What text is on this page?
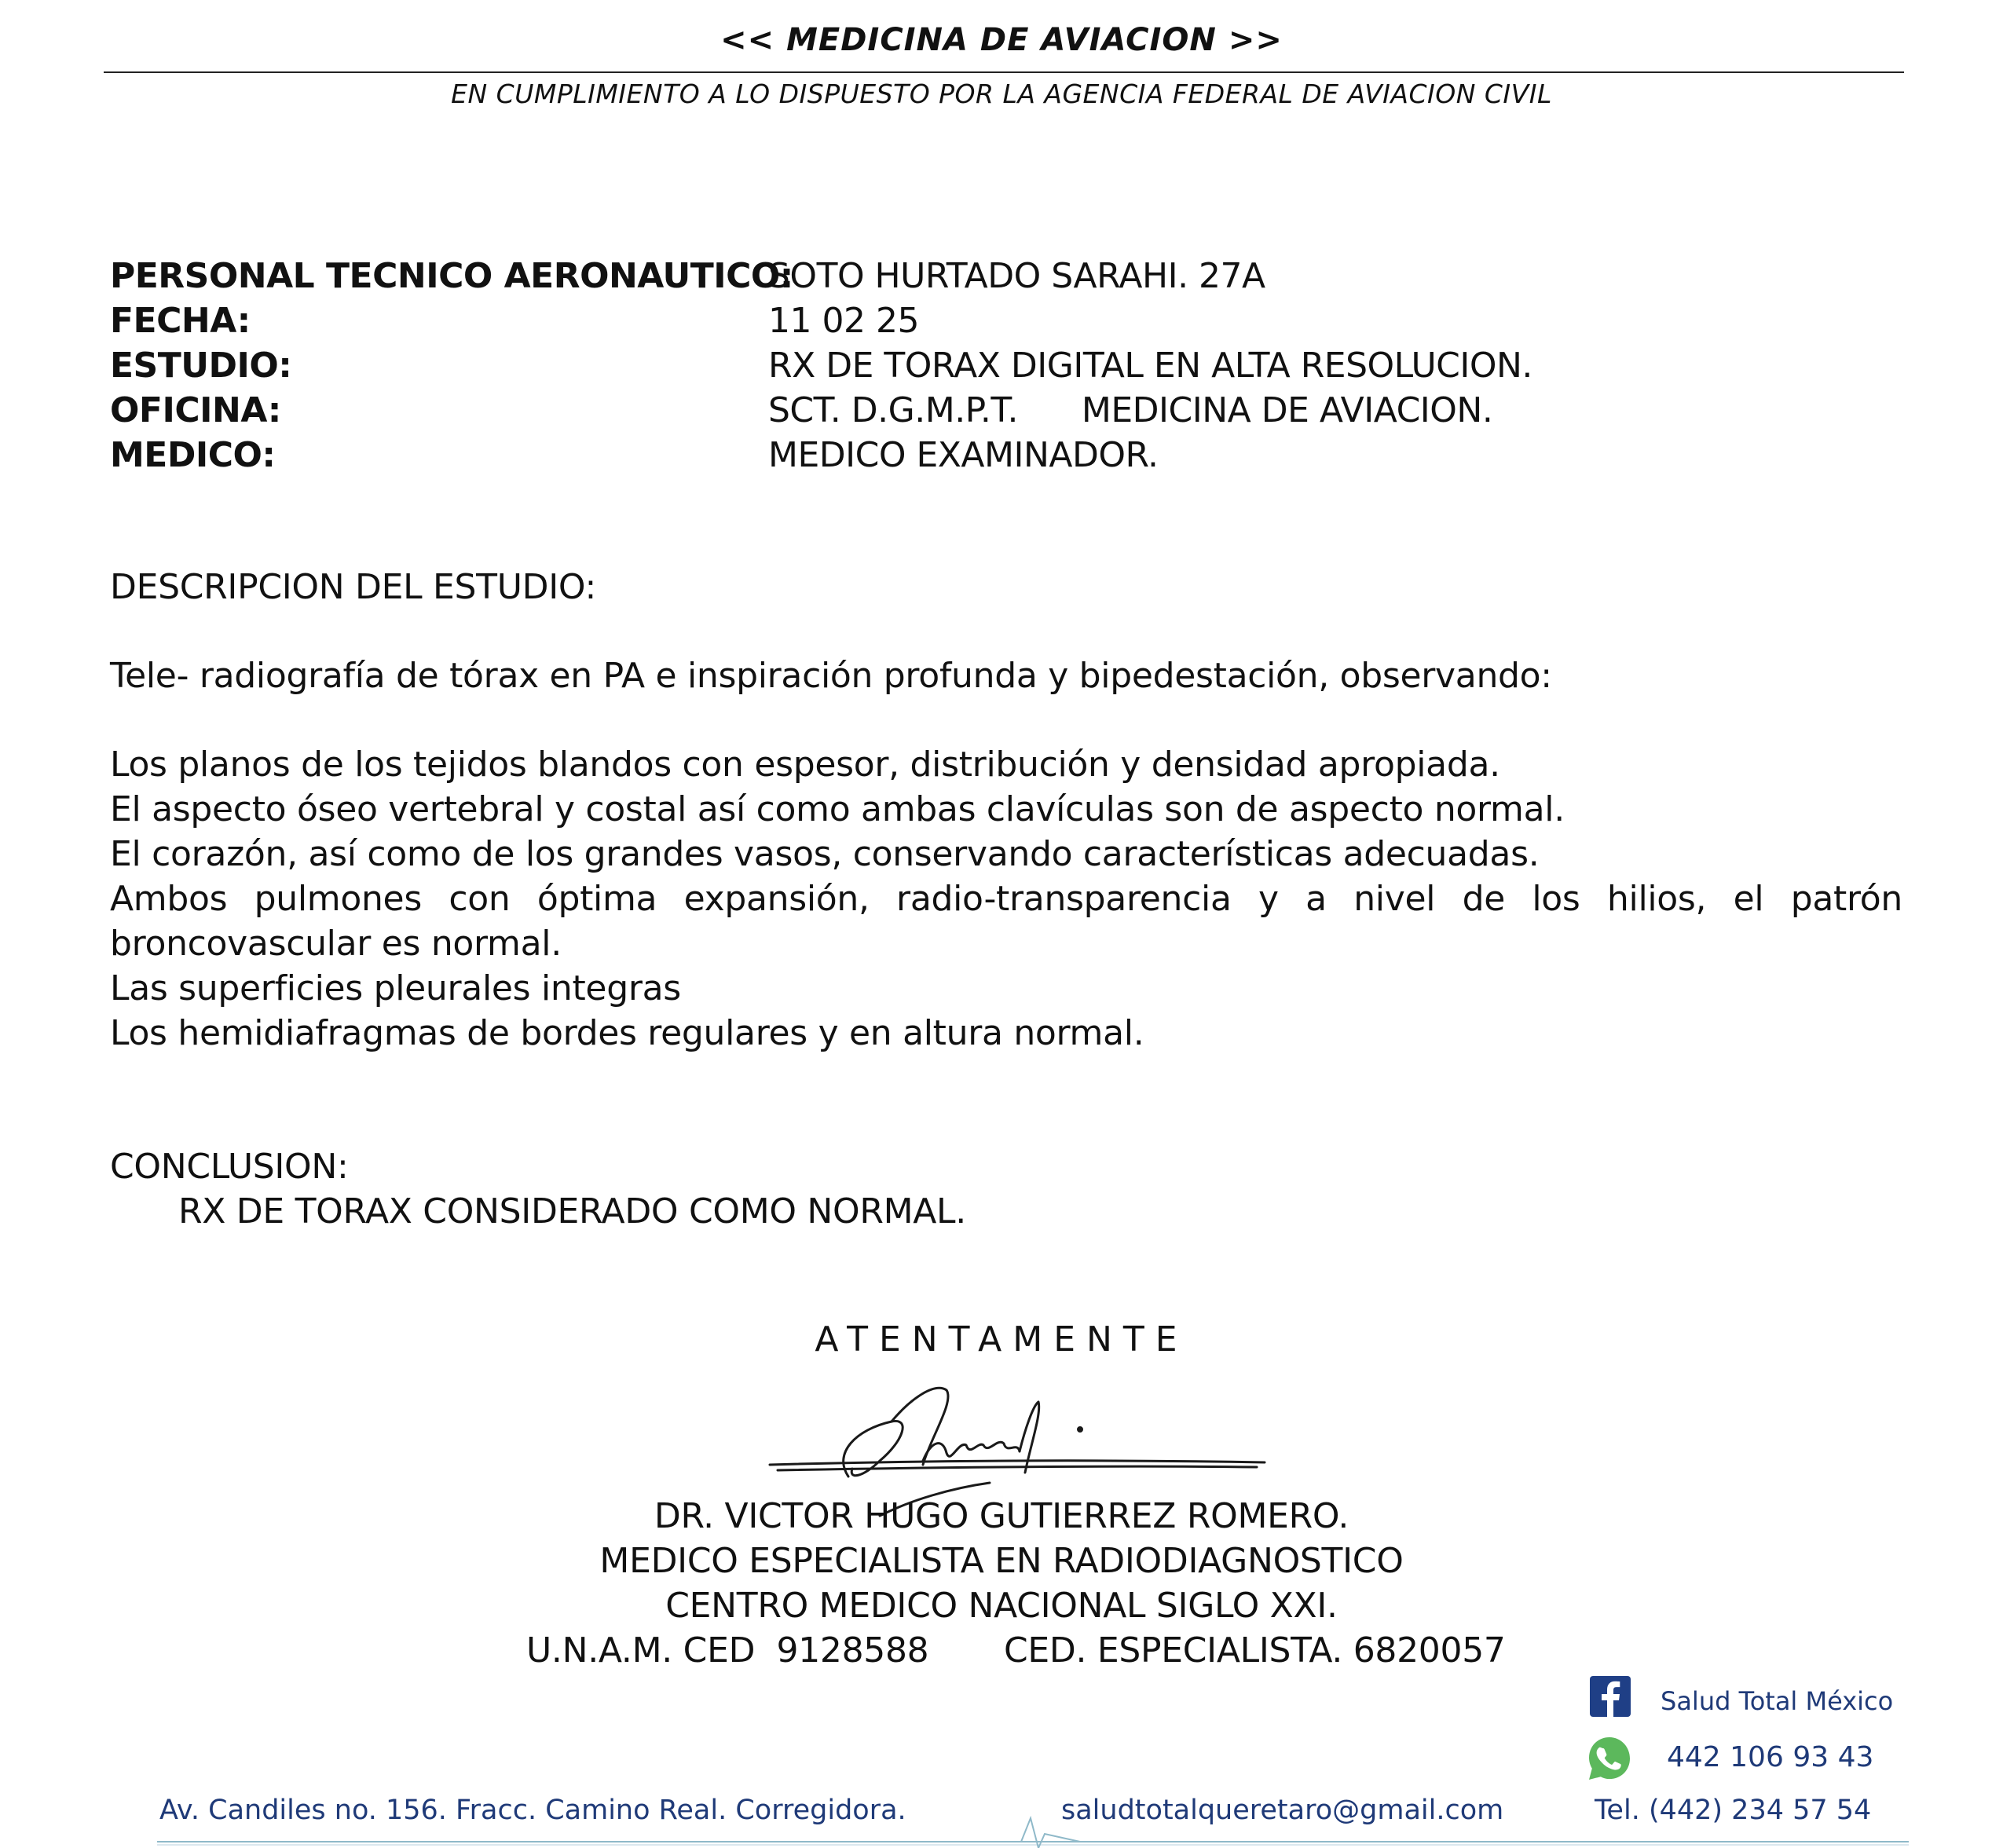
<< MEDICINA DE AVIACION >>
EN CUMPLIMIENTO A LO DISPUESTO POR LA AGENCIA FEDERAL DE AVIACION CIVIL
PERSONAL TECNICO AERONAUTICO:
SOTO HURTADO SARAHI. 27A
FECHA:	11 02 25
ESTUDIO:	RX DE TORAX DIGITAL EN ALTA RESOLUCION.
OFICINA:	SCT. D.G.M.P.T.      MEDICINA DE AVIACION.
MEDICO:	MEDICO EXAMINADOR.
DESCRIPCION DEL ESTUDIO:
Tele- radiografía de tórax en PA e inspiración profunda y bipedestación, observando:
Los planos de los tejidos blandos con espesor, distribución y densidad apropiada.
El aspecto óseo vertebral y costal así como ambas clavículas son de aspecto normal.
El corazón, así como de los grandes vasos, conservando características adecuadas.
Ambos pulmones con óptima expansión, radio-transparencia y a nivel de los hilios, el patrón
broncovascular es normal.
Las superficies pleurales integras
Los hemidiafragmas de bordes regulares y en altura normal.
CONCLUSION:
RX DE TORAX CONSIDERADO COMO NORMAL.
ATENTAMENTE
DR. VICTOR HUGO GUTIERREZ ROMERO.
MEDICO ESPECIALISTA EN RADIODIAGNOSTICO
CENTRO MEDICO NACIONAL SIGLO XXI.
U.N.A.M. CED  9128588 CED. ESPECIALISTA. 6820057
Salud Total México
442 106 93 43
Av. Candiles no. 156. Fracc. Camino Real. Corregidora.	saludtotalqueretaro@gmail.com	Tel. (442) 234 57 54
